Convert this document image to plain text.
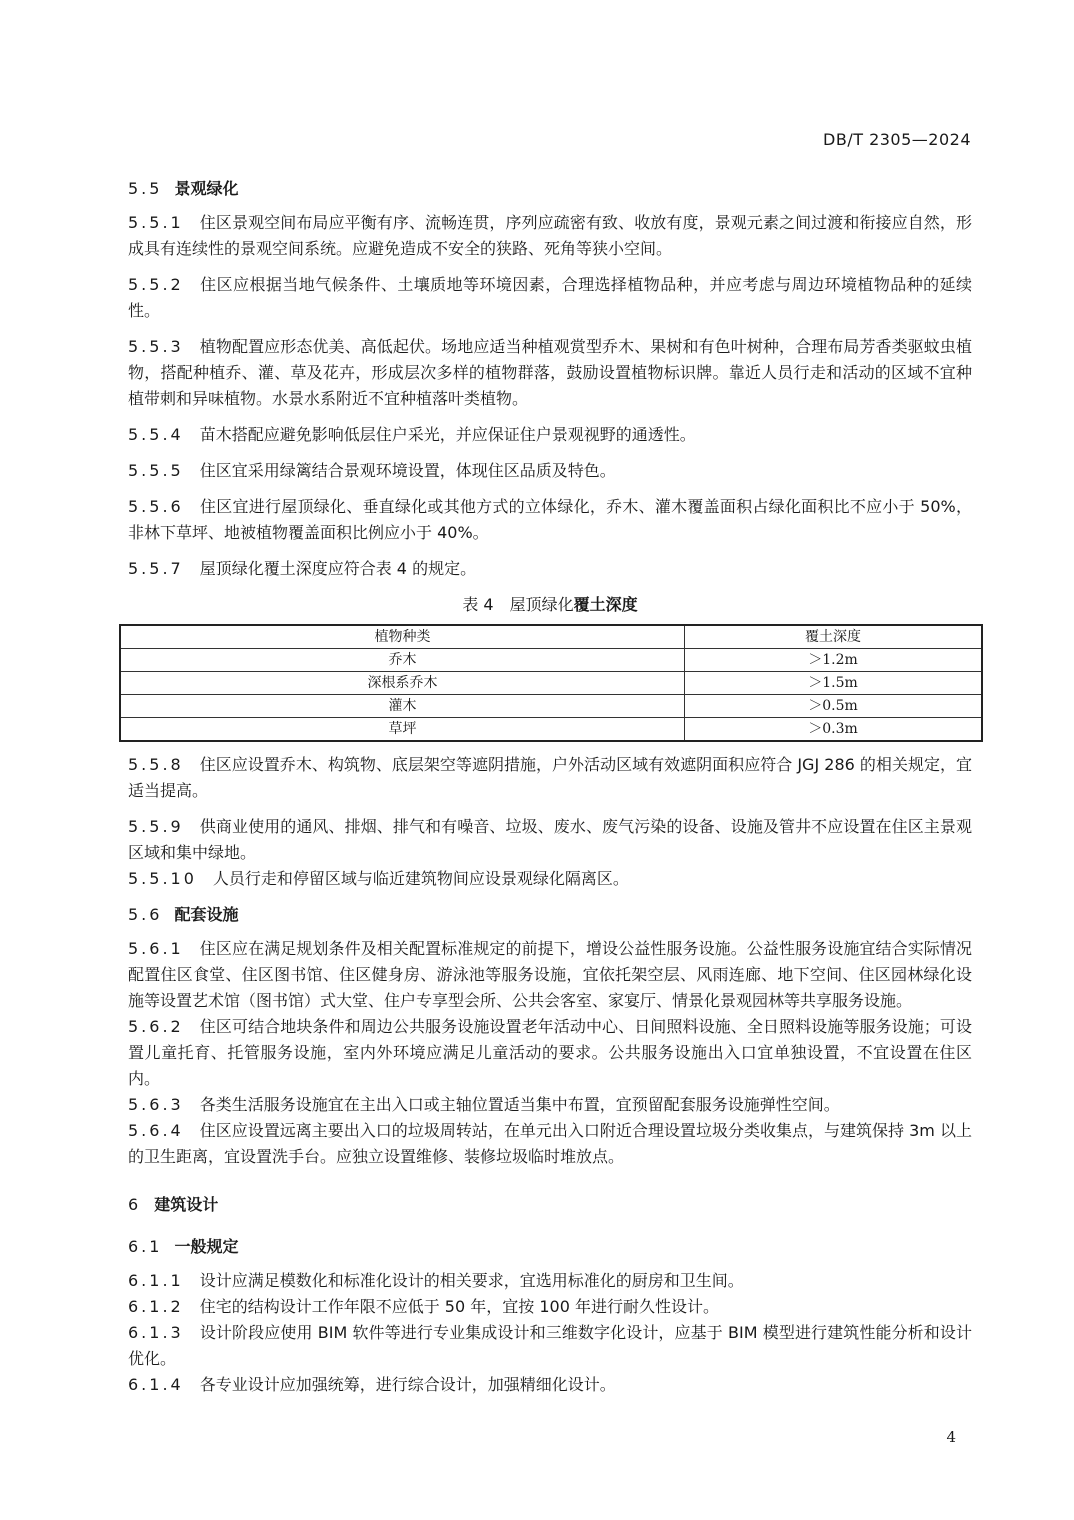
DB/T 2305—2024
5.5 景观绿化
5.5.1 住区景观空间布局应平衡有序、流畅连贯，序列应疏密有致、收放有度，景观元素之间过渡和衔接应自然，形成具有连续性的景观空间系统。应避免造成不安全的狭路、死角等狭小空间。
5.5.2 住区应根据当地气候条件、土壤质地等环境因素，合理选择植物品种，并应考虑与周边环境植物品种的延续性。
5.5.3 植物配置应形态优美、高低起伏。场地应适当种植观赏型乔木、果树和有色叶树种，合理布局芳香类驱蚊虫植物，搭配种植乔、灌、草及花卉，形成层次多样的植物群落，鼓励设置植物标识牌。靠近人员行走和活动的区域不宜种植带刺和异味植物。水景水系附近不宜种植落叶类植物。
5.5.4 苗木搭配应避免影响低层住户采光，并应保证住户景观视野的通透性。
5.5.5 住区宜采用绿篱结合景观环境设置，体现住区品质及特色。
5.5.6 住区宜进行屋顶绿化、垂直绿化或其他方式的立体绿化，乔木、灌木覆盖面积占绿化面积比不应小于 50%，非林下草坪、地被植物覆盖面积比例应小于 40%。
5.5.7 屋顶绿化覆土深度应符合表 4 的规定。
表 4　屋顶绿化覆土深度
植物种类	覆土深度
乔木	＞1.2m
深根系乔木	＞1.5m
灌木	＞0.5m
草坪	＞0.3m
5.5.8 住区应设置乔木、构筑物、底层架空等遮阴措施，户外活动区域有效遮阴面积应符合 JGJ 286 的相关规定，宜适当提高。
5.5.9 供商业使用的通风、排烟、排气和有噪音、垃圾、废水、废气污染的设备、设施及管井不应设置在住区主景观区域和集中绿地。
5.5.10 人员行走和停留区域与临近建筑物间应设景观绿化隔离区。
5.6 配套设施
5.6.1 住区应在满足规划条件及相关配置标准规定的前提下，增设公益性服务设施。公益性服务设施宜结合实际情况配置住区食堂、住区图书馆、住区健身房、游泳池等服务设施，宜依托架空层、风雨连廊、地下空间、住区园林绿化设施等设置艺术馆（图书馆）式大堂、住户专享型会所、公共会客室、家宴厅、情景化景观园林等共享服务设施。
5.6.2 住区可结合地块条件和周边公共服务设施设置老年活动中心、日间照料设施、全日照料设施等服务设施；可设置儿童托育、托管服务设施，室内外环境应满足儿童活动的要求。公共服务设施出入口宜单独设置，不宜设置在住区内。
5.6.3 各类生活服务设施宜在主出入口或主轴位置适当集中布置，宜预留配套服务设施弹性空间。
5.6.4 住区应设置远离主要出入口的垃圾周转站，在单元出入口附近合理设置垃圾分类收集点，与建筑保持 3m 以上的卫生距离，宜设置洗手台。应独立设置维修、装修垃圾临时堆放点。
6 建筑设计
6.1 一般规定
6.1.1 设计应满足模数化和标准化设计的相关要求，宜选用标准化的厨房和卫生间。
6.1.2 住宅的结构设计工作年限不应低于 50 年，宜按 100 年进行耐久性设计。
6.1.3 设计阶段应使用 BIM 软件等进行专业集成设计和三维数字化设计，应基于 BIM 模型进行建筑性能分析和设计优化。
6.1.4 各专业设计应加强统筹，进行综合设计，加强精细化设计。
4
